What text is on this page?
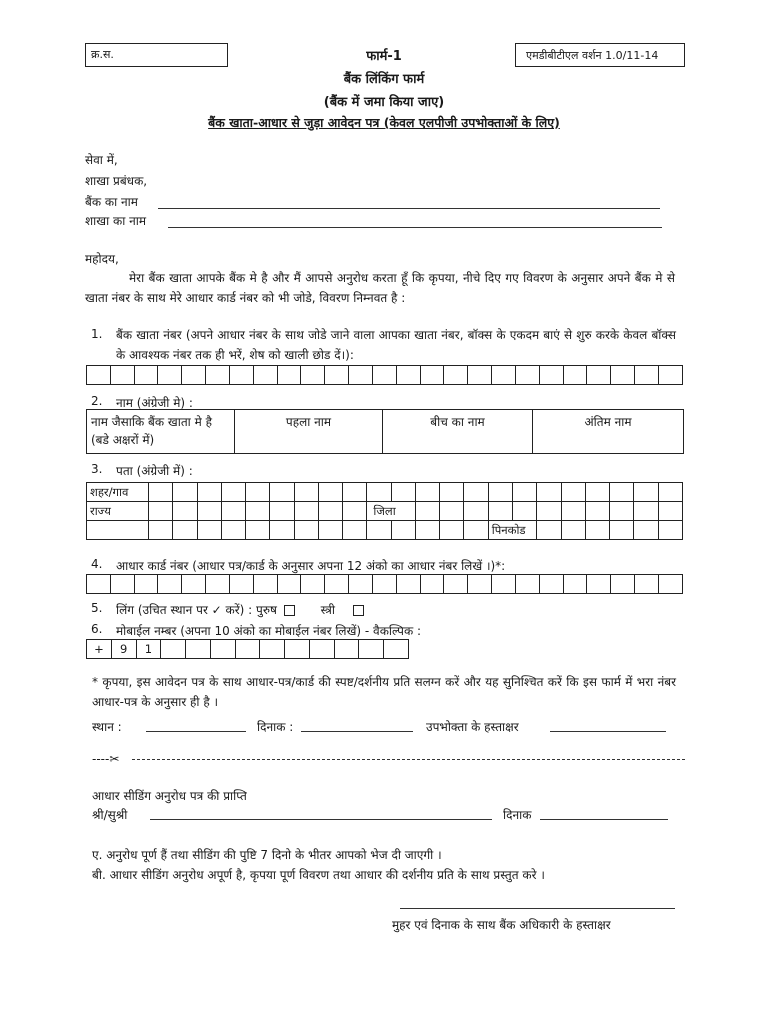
क्र.स.	एमडीबीटीएल वर्शन 1.0/11-14
फार्म-1
बैंक लिंकिंग फार्म
(बैंक में जमा किया जाए)
बैंक खाता-आधार से जुड़ा आवेदन पत्र (केवल एलपीजी उपभोक्ताओं के लिए)
सेवा में,
शाखा प्रबंधक,
बैंक का नाम
शाखा का नाम
महोदय,
मेरा बैंक खाता आपके बैंक मे है और मैं आपसे अनुरोध करता हूँ कि कृपया, नीचे दिए गए विवरण के अनुसार अपने बैंक मे से खाता नंबर के साथ मेरे आधार कार्ड नंबर को भी जोडे, विवरण निम्नवत है :
1. बैंक खाता नंबर (अपने आधार नंबर के साथ जोडे जाने वाला आपका खाता नंबर, बॉक्स के एकदम बाएं से शुरु करके केवल बॉक्स के आवश्यक नंबर तक ही भरें, शेष को खाली छोड दें।):

2. नाम (अंग्रेजी मे) :
नाम जैसाकि बैंक खाता मे है (बडे अक्षरों में)	पहला नाम	बीच का नाम	अंतिम नाम
3. पता (अंग्रेजी में) :
शहर/गाव																						
राज्य										जिला												
															पिनकोड							
4. आधार कार्ड नंबर (आधार पत्र/कार्ड के अनुसार अपना 12 अंको का आधार नंबर लिखें ।)*:

5. लिंग (उचित स्थान पर ✓ करें) : पुरुष	स्त्री
6. मोबाईल नम्बर (अपना 10 अंको का मोबाईल नंबर लिखें) - वैकल्पिक :
+	9	1										
* कृपया, इस आवेदन पत्र के साथ आधार-पत्र/कार्ड की स्पष्ट/दर्शनीय प्रति सलग्न करें और यह सुनिश्चित करें कि इस फार्म में भरा नंबर आधार-पत्र के अनुसार ही है ।
स्थान :	दिनाक :	उपभोक्ता के हस्ताक्षर
----✂
आधार सीडिंग अनुरोध पत्र की प्राप्ति
श्री/सुश्री	दिनाक
ए. अनुरोध पूर्ण हैं तथा सीडिंग की पुष्टि 7 दिनो के भीतर आपको भेज दी जाएगी ।
बी. आधार सीडिंग अनुरोध अपूर्ण है, कृपया पूर्ण विवरण तथा आधार की दर्शनीय प्रति के साथ प्रस्तुत करे ।
मुहर एवं दिनाक के साथ बैंक अधिकारी के हस्ताक्षर
